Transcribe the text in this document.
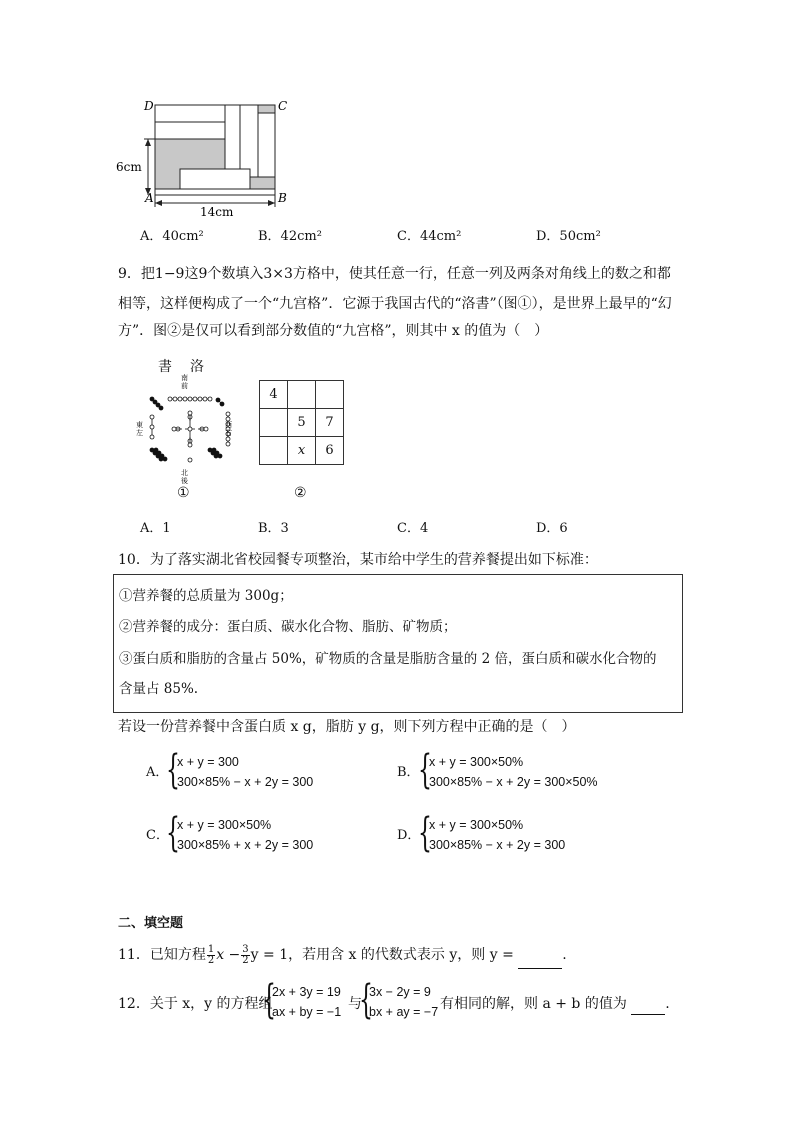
D	C
A	B
6cm
14cm
A．40cm²	B．42cm²	C．44cm²	D．50cm²
9．把1−9这9个数填入3×3方格中，使其任意一行，任意一列及两条对角线上的数之和都
相等，这样便构成了一个“九宫格”．它源于我国古代的“洛書”（图①），是世界上最早的“幻
方”．图②是仅可以看到部分数值的“九宫格”，则其中 x 的值为（　）
書　洛
南
前
東
左
西
右
北
後
①
4		
	5	7
	x	6
②
A．1	B．3	C．4	D．6
10．为了落实湖北省校园餐专项整治，某市给中学生的营养餐提出如下标准：
①营养餐的总质量为 300g；
②营养餐的成分：蛋白质、碳水化合物、脂肪、矿物质；
③蛋白质和脂肪的含量占 50%，矿物质的含量是脂肪含量的 2 倍，蛋白质和碳水化合物的
含量占 85%.
若设一份营养餐中含蛋白质 x g，脂肪 y g，则下列方程中正确的是（　）
A．
{
x + y = 300
300×85% − x + 2y = 300
B．
{
x + y = 300×50%
300×85% − x + 2y = 300×50%
C．
{
x + y = 300×50%
300×85% + x + 2y = 300
D．
{
x + y = 300×50%
300×85% − x + 2y = 300
二、填空题
11．已知方程 $\frac{1}{2}$ $x - \frac{3}{2}$ y = 1，若用含 x 的代数式表示 y，则 y =	.
12．关于 x，y 的方程组
{
2x + 3y = 19
ax + by = −1 与
{
3x − 2y = 9
bx + ay = −7 有相同的解，则 a + b 的值为	.
